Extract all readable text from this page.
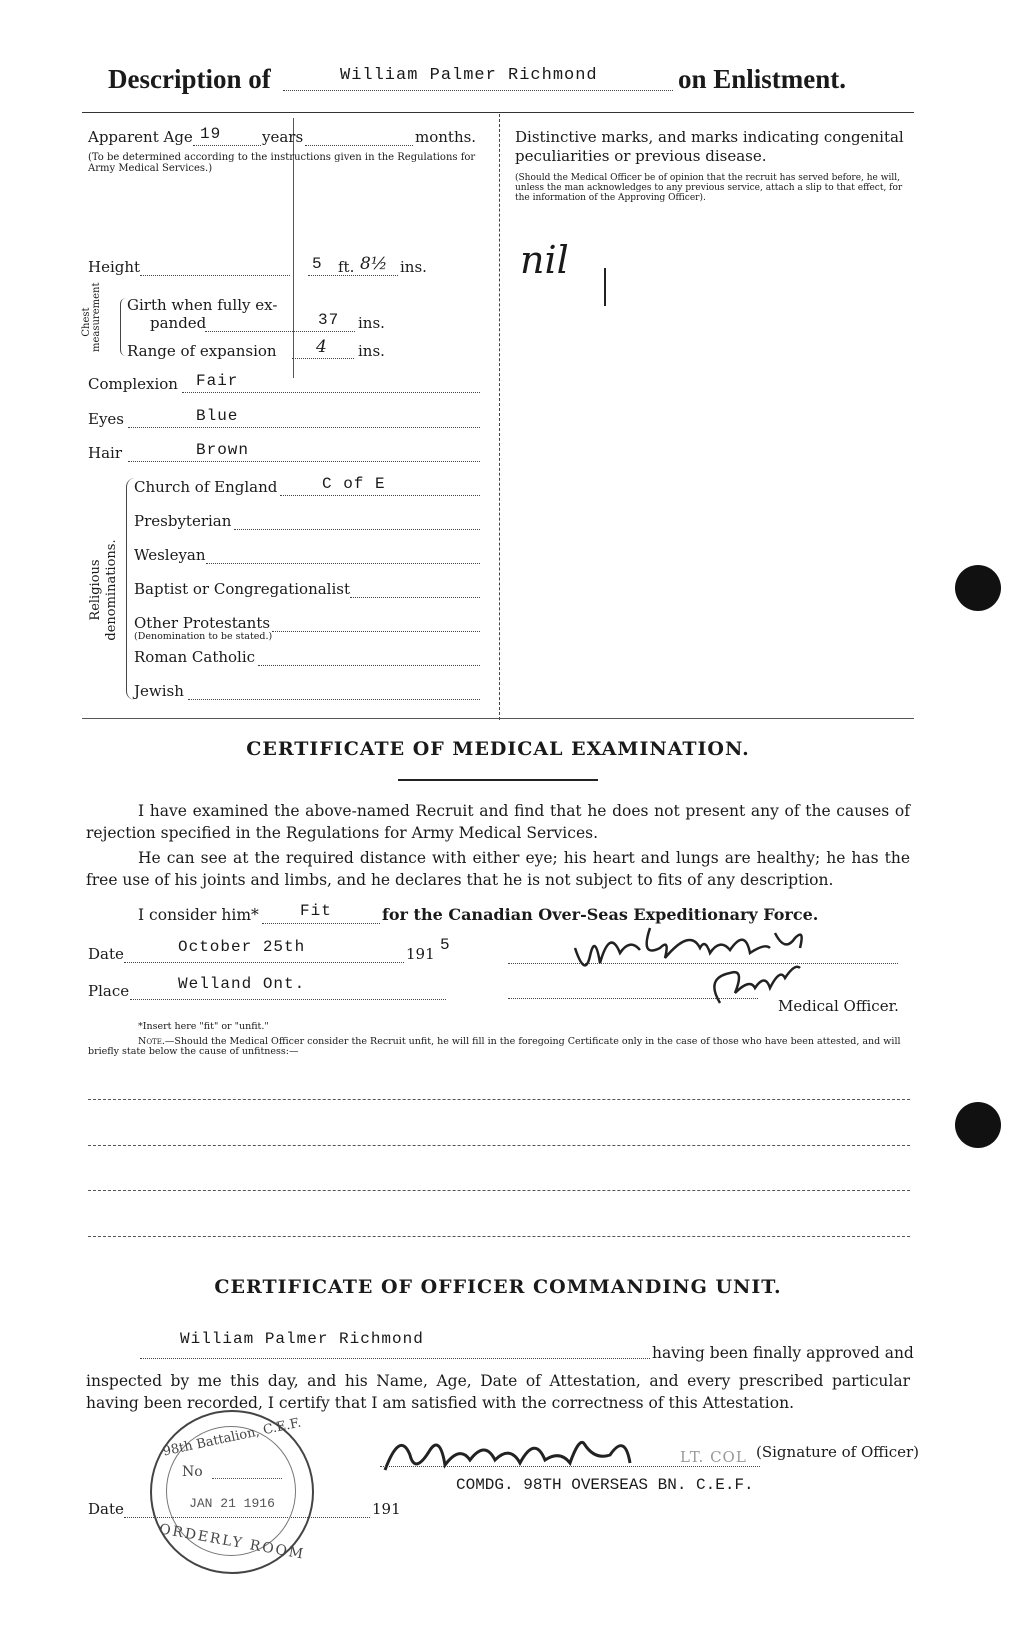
Description of	William Palmer Richmond	on Enlistment.
Apparent Age 19	years	months.
(To be determined according to the instructions given in the Regulations for Army Medical Services.)
Height	5 ft. 8½ ins.
Chest measurement Girth when fully ex-
panded	37 ins.
Range of expansion 4 ins.
Complexion Fair
Eyes	Blue
Hair	Brown
Religious denominations.
Church of England	C of E
Presbyterian
Wesleyan
Baptist or Congregationalist
Other Protestants
(Denomination to be stated.)
Roman Catholic
Jewish
Distinctive marks, and marks indicating congenital peculiarities or previous disease.
(Should the Medical Officer be of opinion that the recruit has served before, he will, unless the man acknowledges to any previous service, attach a slip to that effect, for the information of the Approving Officer).
nil
CERTIFICATE OF MEDICAL EXAMINATION.
I have examined the above-named Recruit and find that he does not present any of the causes of rejection specified in the Regulations for Army Medical Services.
He can see at the required distance with either eye; his heart and lungs are healthy; he has the free use of his joints and limbs, and he declares that he is not subject to fits of any description.
I consider him*	Fit	for the Canadian Over-Seas Expeditionary Force.
Date	October 25th	191 5
Place	Welland Ont.
Medical Officer.
*Insert here "fit" or "unfit."
Note.—Should the Medical Officer consider the Recruit unfit, he will fill in the foregoing Certificate only in the case of those who have been attested, and will briefly state below the cause of unfitness:—
CERTIFICATE OF OFFICER COMMANDING UNIT.
William Palmer Richmond
having been finally approved and
inspected by me this day, and his Name, Age, Date of Attestation, and every prescribed particular having been recorded, I certify that I am satisfied with the correctness of this Attestation.
LT. COL (Signature of Officer)
COMDG. 98TH OVERSEAS BN. C.E.F.
Date	191
98th Battalion, C.E.F.
No
JAN 21 1916
ORDERLY ROOM
